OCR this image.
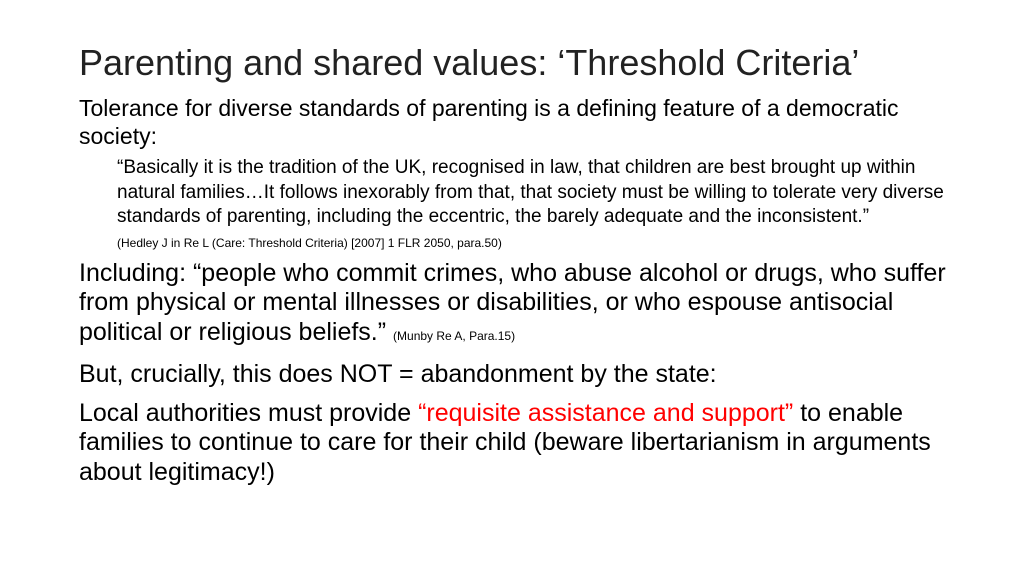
Parenting and shared values: ‘Threshold Criteria’

Tolerance for diverse standards of parenting is a defining feature of a democratic society:

“Basically it is the tradition of the UK, recognised in law, that children are best brought up within natural families…It follows inexorably from that, that society must be willing to tolerate very diverse standards of parenting, including the eccentric, the barely adequate and the inconsistent.”

(Hedley J in Re L (Care: Threshold Criteria) [2007] 1 FLR 2050, para.50)

Including: “people who commit crimes, who abuse alcohol or drugs, who suffer from physical or mental illnesses or disabilities, or who espouse antisocial political or religious beliefs.” (Munby Re A, Para.15)

But, crucially, this does NOT = abandonment by the state:

Local authorities must provide “requisite assistance and support” to enable families to continue to care for their child (beware libertarianism in arguments about legitimacy!)
